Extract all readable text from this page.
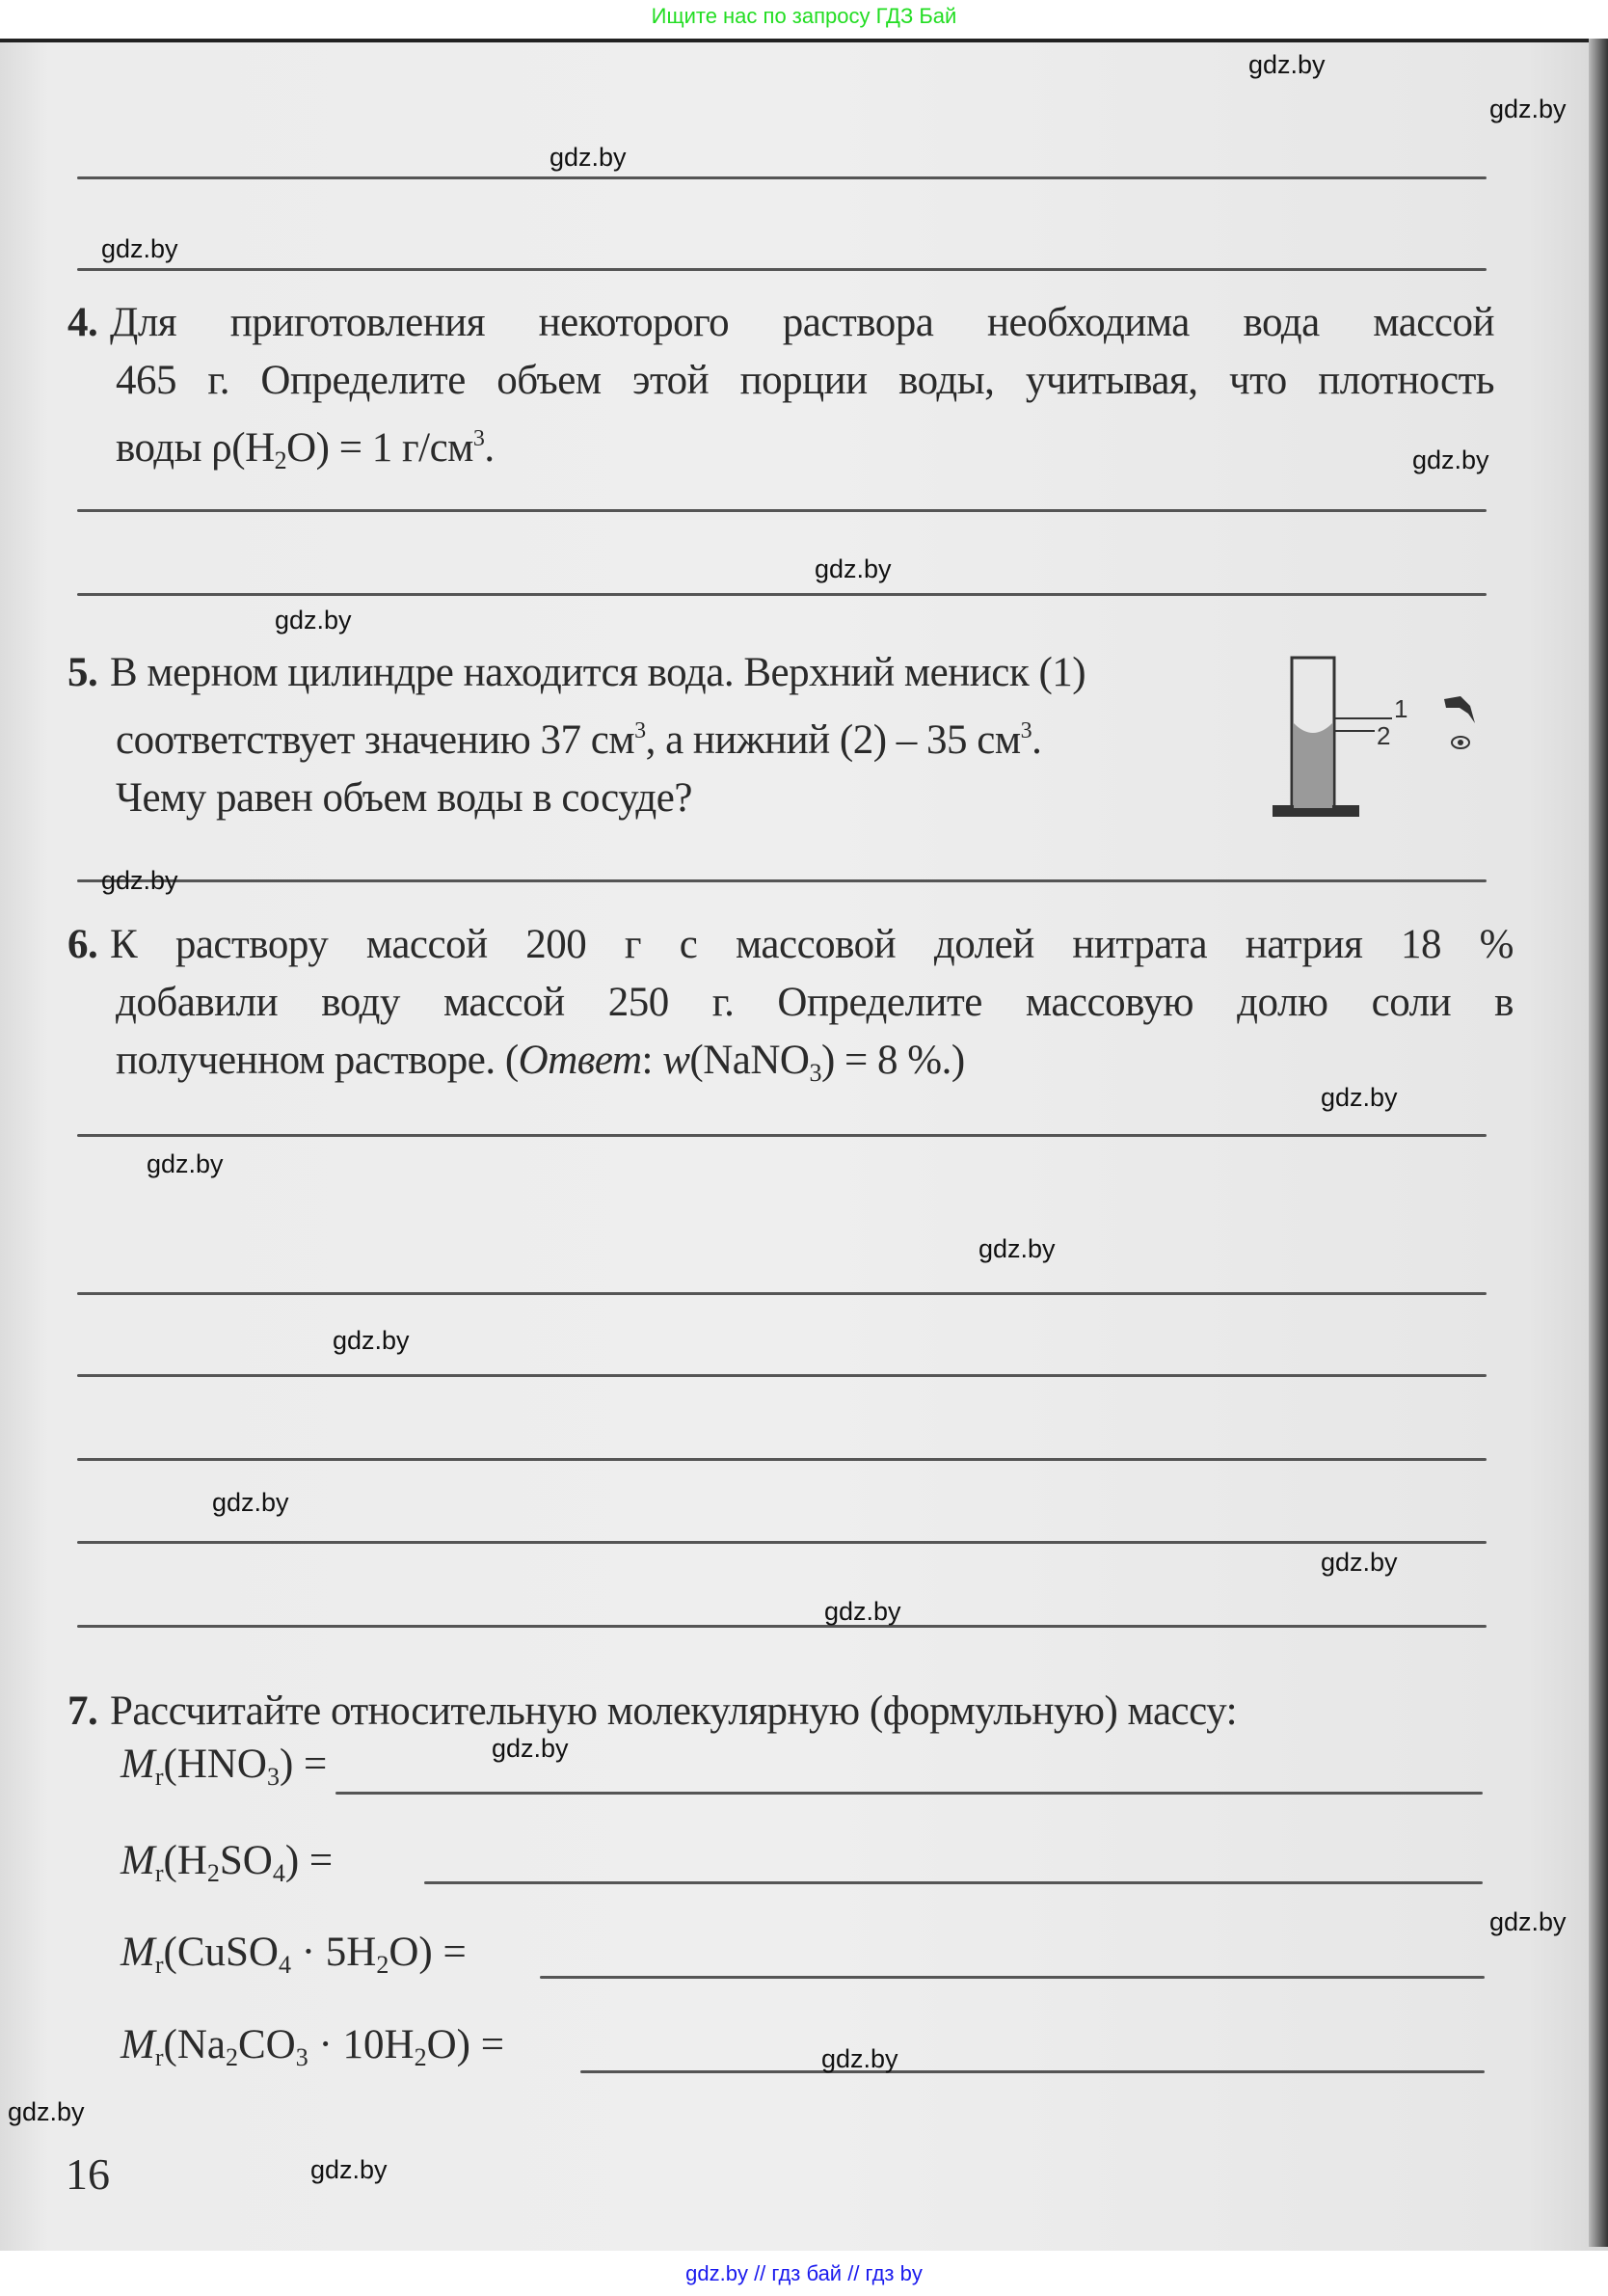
Ищите нас по запросу ГДЗ Бай
4. Для приготовления некоторого раствора необходима вода массой
465 г. Определите объем этой порции воды, учитывая, что плотность
воды $\rho(H_2O) = 1$ $г/см^3$.
5. В мерном цилиндре находится вода. Верхний мениск (1)
соответствует значению 37 $см^3$, а нижний (2) – 35 $см^3$.
Чему равен объем воды в сосуде?
1
2
6. К раствору массой 200 г с массовой долей нитрата натрия 18 %
добавили воду массой 250 г. Определите массовую долю соли в
полученном растворе. (Ответ: w(NaNO$_3$) = 8 %.)
7. Рассчитайте относительную молекулярную (формульную) массу:
$M_r(HNO_3)$ =
$M_r(H_2SO_4)$ =
$M_r(CuSO_4 \cdot 5H_2O)$ =
$M_r(Na_2CO_3 \cdot 10H_2O)$ =
16
gdz.by
gdz.by
gdz.by
gdz.by
gdz.by
gdz.by
gdz.by
gdz.by
gdz.by
gdz.by
gdz.by
gdz.by
gdz.by
gdz.by
gdz.by
gdz.by
gdz.by
gdz.by
gdz.by
gdz.by
gdz.by // гдз бай // гдз by
